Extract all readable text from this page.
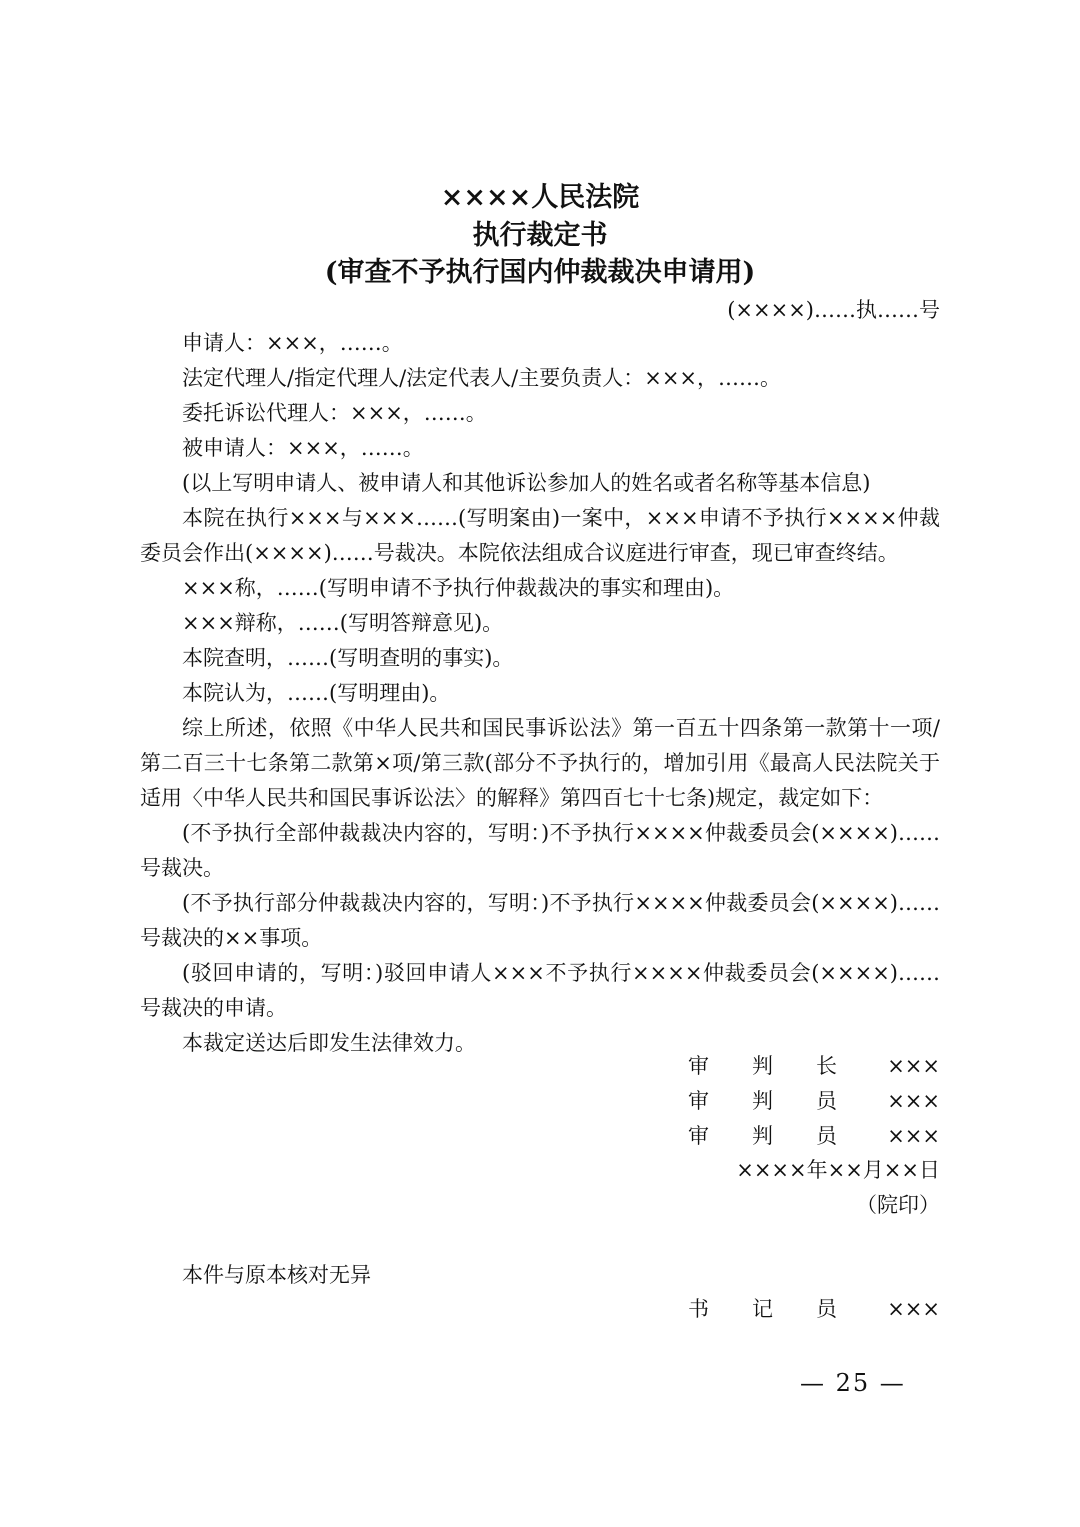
××××人民法院
执行裁定书
(审查不予执行国内仲裁裁决申请用)
(××××)……执……号

申请人：×××，……。

法定代理人/指定代理人/法定代表人/主要负责人：×××，……。

委托诉讼代理人：×××，……。

被申请人：×××，……。

(以上写明申请人、被申请人和其他诉讼参加人的姓名或者名称等基本信息)

本院在执行×××与×××……(写明案由)一案中，×××申请不予执行××××仲裁委员会作出(××××)……号裁决。本院依法组成合议庭进行审查，现已审查终结。

×××称，……(写明申请不予执行仲裁裁决的事实和理由)。

×××辩称，……(写明答辩意见)。

本院查明，……(写明查明的事实)。

本院认为，……(写明理由)。

综上所述，依照《中华人民共和国民事诉讼法》第一百五十四条第一款第十一项/第二百三十七条第二款第×项/第三款(部分不予执行的，增加引用《最高人民法院关于适用〈中华人民共和国民事诉讼法〉的解释》第四百七十七条)规定，裁定如下：

(不予执行全部仲裁裁决内容的，写明：)不予执行××××仲裁委员会(××××)……号裁决。

(不予执行部分仲裁裁决内容的，写明：)不予执行××××仲裁委员会(××××)……号裁决的××事项。

(驳回申请的，写明：)驳回申请人×××不予执行××××仲裁委员会(××××)……号裁决的申请。

本裁定送达后即发生法律效力。

审 判 长 ×××
审 判 员 ×××
审 判 员 ×××
××××年××月××日
（院印）
本件与原本核对无异
书 记 员 ×××
— 25 —
